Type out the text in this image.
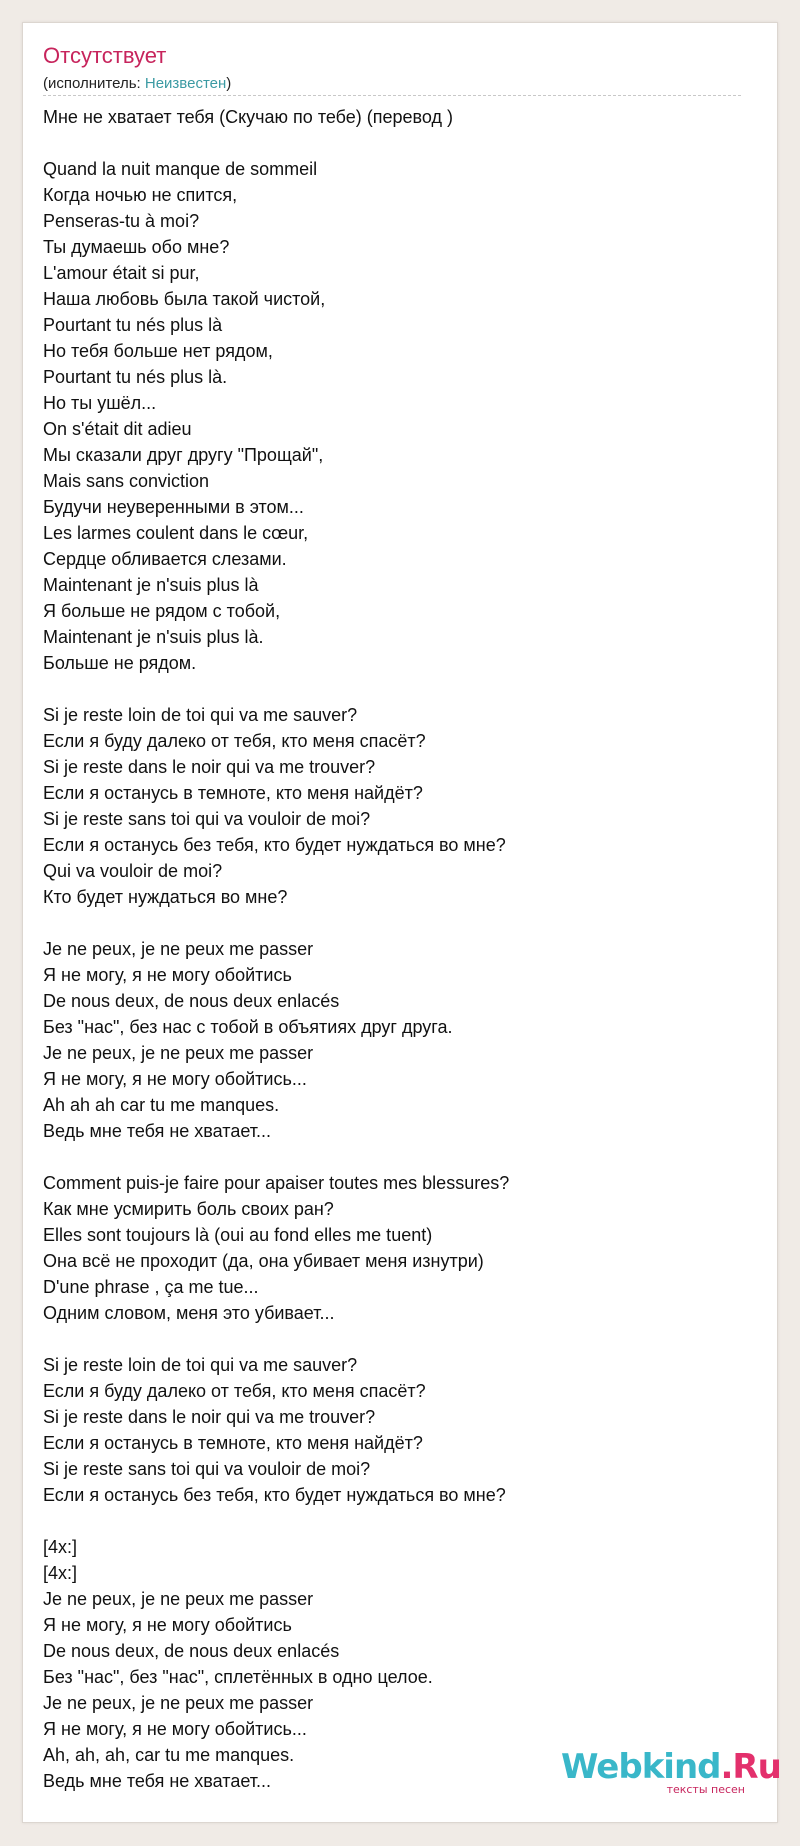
Отсутствует
(исполнитель: Неизвестен)
Мне не хватает тебя (Скучаю по тебе) (перевод )
Quand la nuit manque de sommeil
Когда ночью не спится,
Penseras-tu à moi?
Ты думаешь обо мне?
L'amour était si pur,
Наша любовь была такой чистой,
Pourtant tu nés plus là
Но тебя больше нет рядом,
Pourtant tu nés plus là.
Но ты ушёл...
On s'était dit adieu
Мы сказали друг другу "Прощай",
Mais sans conviction
Будучи неуверенными в этом...
Les larmes coulent dans le cœur,
Сердце обливается слезами.
Maintenant je n'suis plus là
Я больше не рядом с тобой,
Maintenant je n'suis plus là.
Больше не рядом.
Si je reste loin de toi qui va me sauver?
Если я буду далеко от тебя, кто меня спасёт?
Si je reste dans le noir qui va me trouver?
Если я останусь в темноте, кто меня найдёт?
Si je reste sans toi qui va vouloir de moi?
Если я останусь без тебя, кто будет нуждаться во мне?
Qui va vouloir de moi?
Кто будет нуждаться во мне?
Je ne peux, je ne peux me passer
Я не могу, я не могу обойтись
De nous deux, de nous deux enlacés
Без "нас", без нас с тобой в объятиях друг друга.
Je ne peux, je ne peux me passer
Я не могу, я не могу обойтись...
Ah ah ah car tu me manques.
Ведь мне тебя не хватает...
Comment puis-je faire pour apaiser toutes mes blessures?
Как мне усмирить боль своих ран?
Elles sont toujours là (oui au fond elles me tuent)
Она всё не проходит (да, она убивает меня изнутри)
D'une phrase , ça me tue...
Одним словом, меня это убивает...
Si je reste loin de toi qui va me sauver?
Если я буду далеко от тебя, кто меня спасёт?
Si je reste dans le noir qui va me trouver?
Если я останусь в темноте, кто меня найдёт?
Si je reste sans toi qui va vouloir de moi?
Если я останусь без тебя, кто будет нуждаться во мне?
[4x:]
[4x:]
Je ne peux, je ne peux me passer
Я не могу, я не могу обойтись
De nous deux, de nous deux enlacés
Без "нас", без "нас", сплетённых в одно целое.
Je ne peux, je ne peux me passer
Я не могу, я не могу обойтись...
Ah, ah, ah, car tu me manques.
Ведь мне тебя не хватает...	Webkind.Ru
тексты песен
